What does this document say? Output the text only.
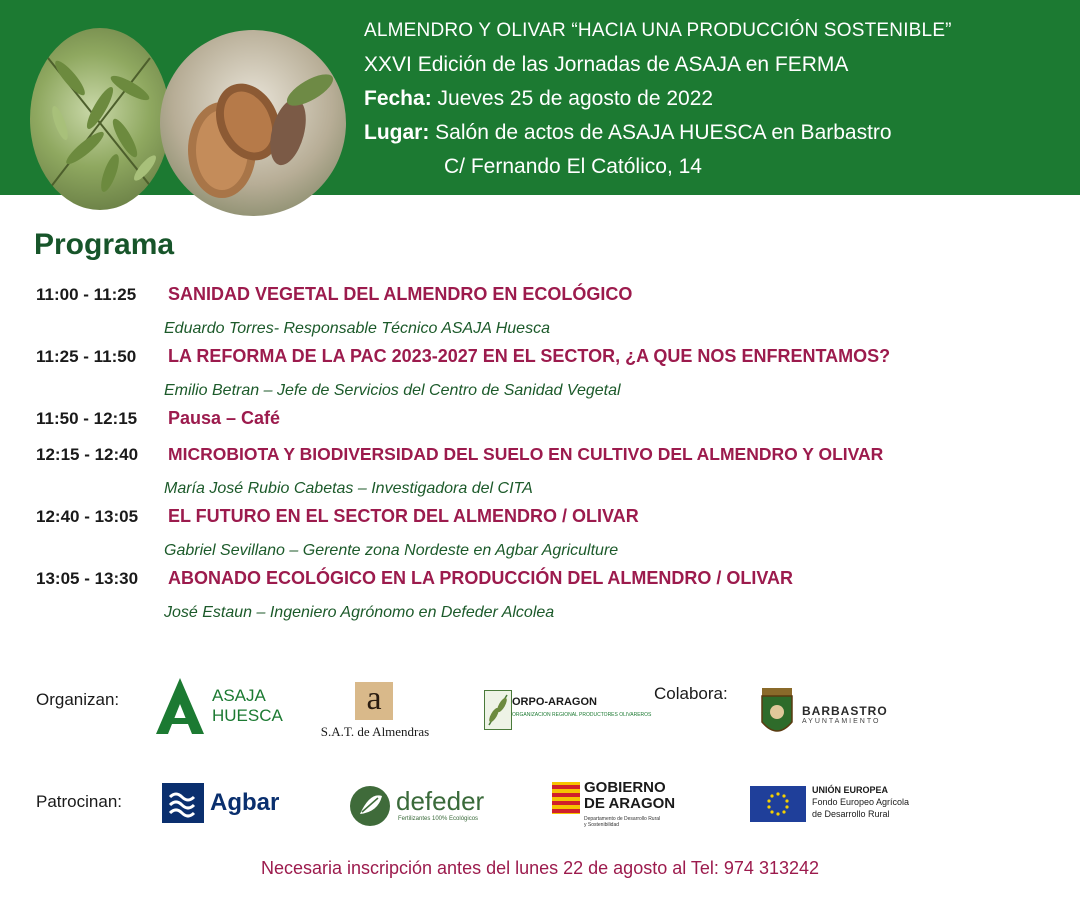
ALMENDRO Y OLIVAR “HACIA UNA PRODUCCIÓN SOSTENIBLE”
XXVI Edición de las Jornadas de ASAJA en FERMA
Fecha: Jueves 25 de agosto de 2022
Lugar: Salón de actos de ASAJA HUESCA en Barbastro
C/ Fernando El Católico, 14
Programa
11:00 - 11:25	SANIDAD VEGETAL DEL ALMENDRO EN ECOLÓGICO
Eduardo Torres- Responsable Técnico ASAJA Huesca
11:25 - 11:50	LA REFORMA DE LA PAC 2023-2027 EN EL SECTOR, ¿A QUE NOS ENFRENTAMOS?
Emilio Betran – Jefe de Servicios del Centro de Sanidad Vegetal
11:50 - 12:15	Pausa – Café
12:15 - 12:40	MICROBIOTA Y BIODIVERSIDAD DEL SUELO EN CULTIVO DEL ALMENDRO Y OLIVAR
María José Rubio Cabetas – Investigadora del CITA
12:40 - 13:05	EL FUTURO EN EL SECTOR DEL ALMENDRO / OLIVAR
Gabriel Sevillano – Gerente zona Nordeste en Agbar Agriculture
13:05 - 13:30	ABONADO ECOLÓGICO EN LA PRODUCCIÓN DEL ALMENDRO / OLIVAR
José Estaun – Ingeniero Agrónomo en Defeder Alcolea
Organizan:	ASAJA
HUESCA	a
S.A.T. de Almendras
ORPO-ARAGON
ORGANIZACION REGIONAL PRODUCTORES OLIVAREROS
Colabora:
BARBASTRO
AYUNTAMIENTO
Patrocinan:	Agbar	defeder
Fertilizantes 100% Ecológicos
GOBIERNO
DE ARAGON
Departamento de Desarrollo Rural
y Sostenibilidad
UNIÓN EUROPEA
Fondo Europeo Agrícola
de Desarrollo Rural
Necesaria inscripción antes del lunes 22 de agosto al Tel: 974 313242
